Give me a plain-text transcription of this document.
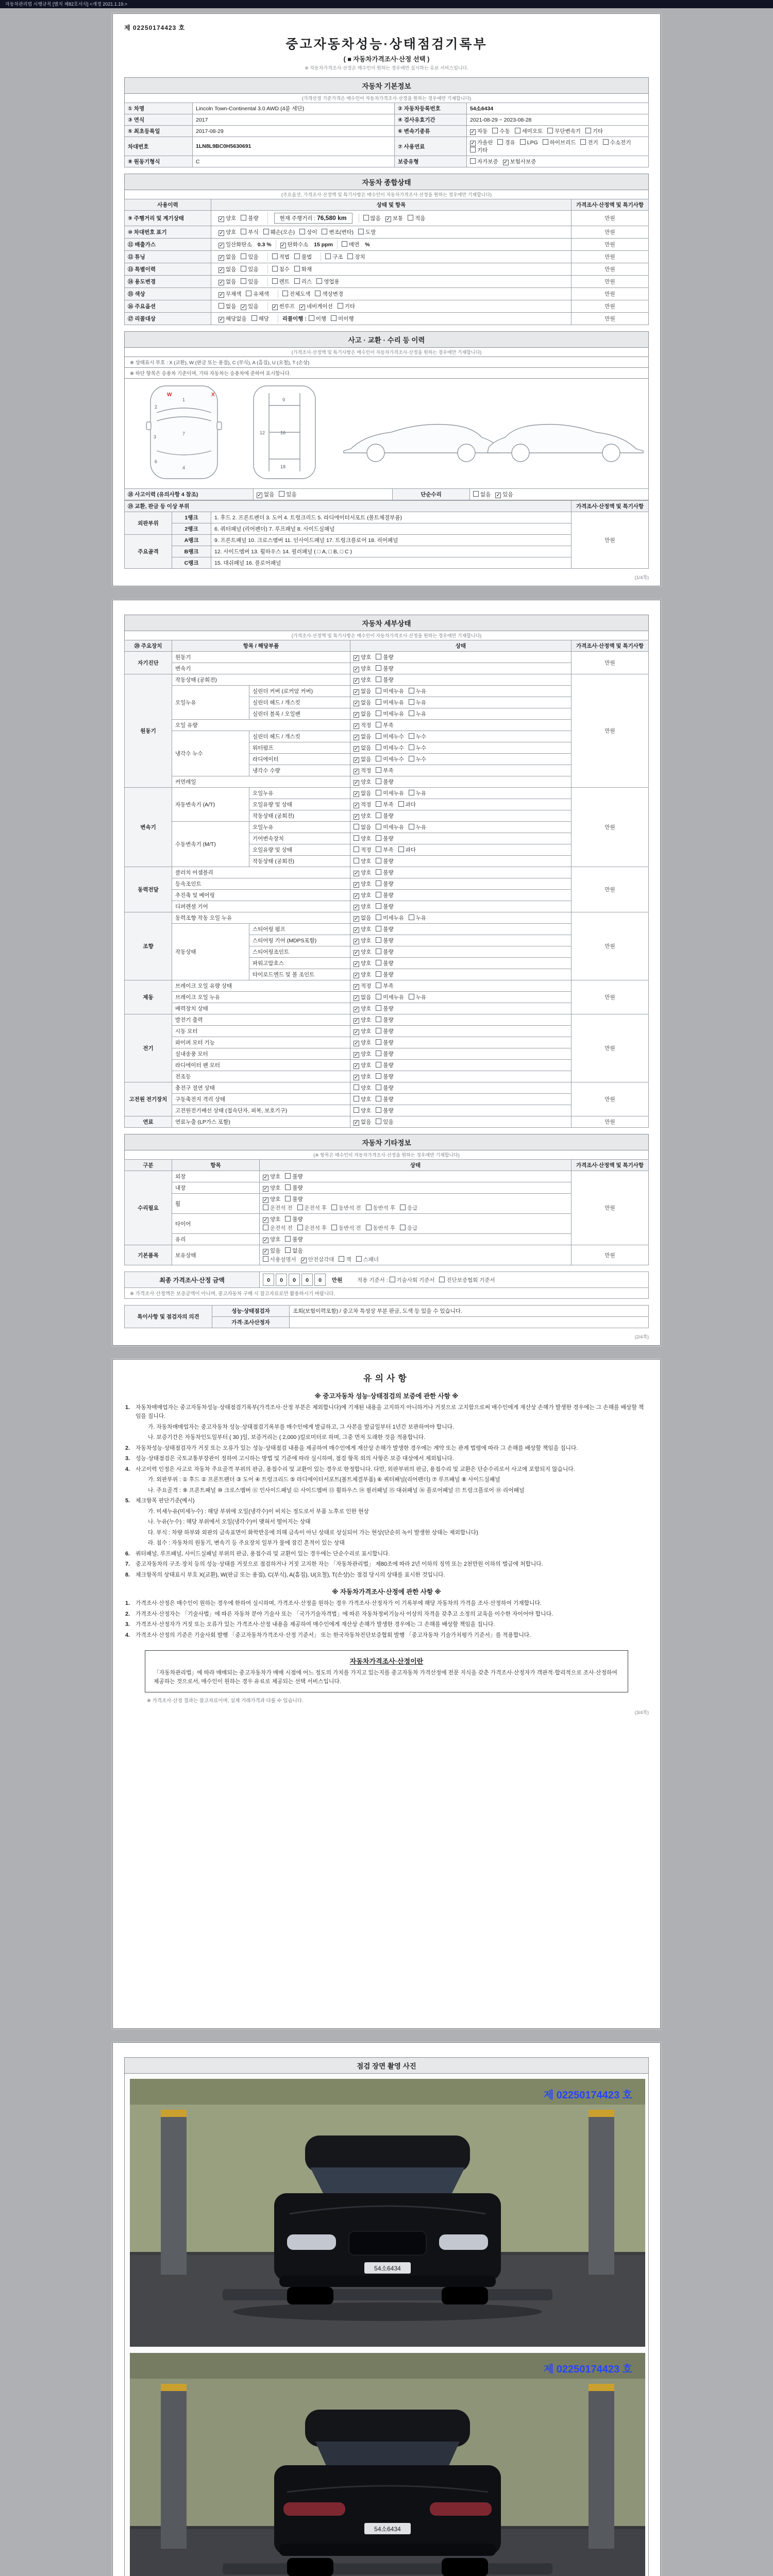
자동차관리법 시행규칙 [별지 제82호서식] <개정 2021.1.19.>
제 02250174423 호
중고자동차성능·상태점검기록부
( ■ 자동차가격조사·산정 선택 )
※ 자동차가격조사·산정은 매수인이 원하는 경우에만 실시하는 유료 서비스입니다.
자동차 기본정보
(가격산정 기준가격은 매수인이 자동차가격조사·산정을 원하는 경우에만 기재합니다)
① 차명	Lincoln Town-Continental 3.0 AWD (4륜 세단)	② 자동차등록번호	54소6434
③ 연식	2017	④ 검사유효기간	2021-08-29 ~ 2023-08-28
⑤ 최초등록일	2017-08-29	⑥ 변속기종류	✓ 자동 수동 세미오토 무단변속기 기타
차대번호	1LN8L9BC0H5630691	⑦ 사용연료	✓ 가솔린 경유 LPG 하이브리드 전기 수소전기기타
⑧ 원동기형식	C	보증유형	자가보증 ✓ 보험사보증
자동차 종합상태
(주요옵션, 가격조사·산정액 및 특기사항은 매수인이 자동차가격조사·산정을 원하는 경우에만 기재합니다)
사용이력	상태 및 항목	가격조사·산정액 및 특기사항
⑨ 주행거리 및 계기상태	✓ 양호 불량 현재 주행거리 : 76,580 km 많음 ✓ 보통 적음	만원
⑩ 차대번호 표기	✓ 양호 부식 훼손(오손) 상이 변조(변타) 도말	만원
⑪ 배출가스	✓ 일산화탄소 0.3 % ✓ 탄화수소 15 ppm 매연 %	만원
⑫ 튜닝	✓ 없음 있음 적법 불법 구조 장치	만원
⑬ 특별이력	✓ 없음 있음 침수 화재	만원
⑭ 용도변경	✓ 없음 있음 렌트 리스 영업용	만원
⑮ 색상	✓ 무채색 유채색 전체도색 색상변경	만원
⑯ 주요옵션	없음 ✓ 있음 ✓ 썬루프 ✓ 네비게이션 기타	만원
⑰ 리콜대상	✓ 해당없음 해당 리콜이행 : 이행 미이행	만원
사고 · 교환 · 수리 등 이력
(가격조사·산정액 및 특기사항은 매수인이 자동차가격조사·산정을 원하는 경우에만 기재합니다)
※ 상태표시 부호 : X (교환), W (판금 또는 용접), C (부식), A (흠집), U (요철), T (손상)
※ 하단 항목은 승용차 기준이며, 기타 자동차는 승용차에 준하여 표시합니다.
1
7
4
2
3
6
9
16
18
12
W	X
⑱ 사고이력 (유의사항 4 참조)	✓ 없음 있음	단순수리	없음 ✓ 있음
⑲ 교환, 판금 등 이상 부위			가격조사·산정액 및 특기사항
외판부위	1랭크	1. 후드 2. 프론트펜더 3. 도어 4. 트렁크리드 5. 라디에이터서포트 (볼트체결부품)	만원
	2랭크	6. 쿼터패널 (리어펜더) 7. 루프패널 8. 사이드실패널	
주요골격	A랭크	9. 프론트패널 10. 크로스멤버 11. 인사이드패널 17. 트렁크플로어 18. 리어패널	
	B랭크	12. 사이드멤버 13. 휠하우스 14. 필러패널 ( □ A, □ B, □ C )	
	C랭크	15. 대쉬패널 16. 플로어패널	
(1/4쪽)
자동차 세부상태
(가격조사·산정액 및 특기사항은 매수인이 자동차가격조사·산정을 원하는 경우에만 기재합니다)
⑳ 주요장치	항목 / 해당부품		상태	가격조사·산정액 및 특기사항
자기진단	원동기		✓ 양호 불량	만원
	변속기		✓ 양호 불량	
원동기	작동상태 (공회전)		✓ 양호 불량	만원
	오일누유	실린더 커버 (로커암 커버)	✓ 없음 미세누유 누유	
		실린더 헤드 / 개스킷	✓ 없음 미세누유 누유	
		실린더 블록 / 오일팬	✓ 없음 미세누유 누유	
	오일 유량		✓ 적정 부족	
	냉각수 누수	실린더 헤드 / 개스킷	✓ 없음 미세누수 누수	
		워터펌프	✓ 없음 미세누수 누수	
		라디에이터	✓ 없음 미세누수 누수	
		냉각수 수량	✓ 적정 부족	
	커먼레일		✓ 양호 불량	
변속기	자동변속기 (A/T)	오일누유	✓ 없음 미세누유 누유	만원
		오일유량 및 상태	✓ 적정 부족 과다	
		작동상태 (공회전)	✓ 양호 불량	
	수동변속기 (M/T)	오일누유	없음 미세누유 누유	
		기어변속장치	양호 불량	
		오일유량 및 상태	적정 부족 과다	
		작동상태 (공회전)	양호 불량	
동력전달	클러치 어셈블리		✓ 양호 불량	만원
	등속조인트		✓ 양호 불량	
	추진축 및 베어링		✓ 양호 불량	
	디퍼렌셜 기어		✓ 양호 불량	
조향	동력조향 작동 오일 누유		✓ 없음 미세누유 누유	만원
	작동상태	스티어링 펌프	✓ 양호 불량	
		스티어링 기어 (MDPS포함)	✓ 양호 불량	
		스티어링조인트	✓ 양호 불량	
		파워고압호스	✓ 양호 불량	
		타이로드엔드 및 볼 조인트	✓ 양호 불량	
제동	브레이크 오일 유량 상태		✓ 적정 부족	만원
	브레이크 오일 누유		✓ 없음 미세누유 누유	
	배력장치 상태		✓ 양호 불량	
전기	발전기 출력		✓ 양호 불량	만원
	시동 모터		✓ 양호 불량	
	와이퍼 모터 기능		✓ 양호 불량	
	실내송풍 모터		✓ 양호 불량	
	라디에이터 팬 모터		✓ 양호 불량	
	전조등		✓ 양호 불량	
고전원 전기장치	충전구 절연 상태		양호 불량	만원
	구동축전지 격리 상태		양호 불량	
	고전원전기배선 상태 (접속단자, 피복, 보호기구)		양호 불량	
연료	연료누출 (LP가스 포함)		✓ 없음 있음	만원
자동차 기타정보
(※ 항목은 매수인이 자동차가격조사·산정을 원하는 경우에만 기재합니다)
구분	항목	상태	가격조사·산정액 및 특기사항
수리필요	외장	✓ 양호 불량	만원
	내장	✓ 양호 불량	
	휠	✓ 양호 불량
운전석 전 운전석 후 동반석 전 동반석 후 응급	

	타이어	✓ 양호 불량
운전석 전 운전석 후 동반석 전 동반석 후 응급	

	유리	✓ 양호 불량	
기본품목	보유상태	✓ 있음 없음
사용설명서 ✓ 안전삼각대 잭 스패너	만원
최종 가격조사·산정 금액	0 0 0 0 0 만원	적용 기준서 : 기술사회 기준서 진단보증협회 기준서
※ 가격조사·산정액은 보증금액이 아니며, 중고자동차 구매 시 참고자료로만 활용하시기 바랍니다.
특이사항 및 점검자의 의견	성능·상태점검자	조회(보험이력포함) / 중고차 특성상 부분 판금, 도색 등 있을 수 있습니다.
	가격·조사산정자	
(2/4쪽)
유의사항
※ 중고자동차 성능·상태점검의 보증에 관한 사항 ※
1.	자동차매매업자는 중고자동차성능·상태점검기록부(가격조사·산정 부분은 제외합니다)에 기재된 내용을 고지하지 아니하거나 거짓으로 고지함으로써 매수인에게 재산상 손해가 발생한 경우에는 그 손해를 배상할 책임을 집니다.
가. 자동차매매업자는 중고자동차 성능·상태점검기록부를 매수인에게 발급하고, 그 사본을 발급일부터 1년간 보관하여야 합니다.
나. 보증기간은 자동차인도일부터 ( 30 )일, 보증거리는 ( 2,000 )킬로미터로 하며, 그중 먼저 도래한 것을 적용합니다.
2.	자동차성능·상태점검자가 거짓 또는 오류가 있는 성능·상태점검 내용을 제공하여 매수인에게 재산상 손해가 발생한 경우에는 계약 또는 관계 법령에 따라 그 손해를 배상할 책임을 집니다.
3.	성능·상태점검은 국토교통부장관이 정하여 고시하는 방법 및 기준에 따라 실시하며, 점검 항목 외의 사항은 보증 대상에서 제외됩니다.
4.	사고이력 인정은 사고로 자동차 주요골격 부위의 판금, 용접수리 및 교환이 있는 경우로 한정합니다. 다만, 외판부위의 판금, 용접수리 및 교환은 단순수리로서 사고에 포함되지 않습니다.
가. 외판부위 : ① 후드 ② 프론트펜더 ③ 도어 ④ 트렁크리드 ⑤ 라디에이터서포트(볼트체결부품) ⑥ 쿼터패널(리어펜더) ⑦ 루프패널 ⑧ 사이드실패널
나. 주요골격 : ⑨ 프론트패널 ⑩ 크로스멤버 ⑪ 인사이드패널 ⑫ 사이드멤버 ⑬ 휠하우스 ⑭ 필러패널 ⑮ 대쉬패널 ⑯ 플로어패널 ⑰ 트렁크플로어 ⑱ 리어패널
5.	체크항목 판단기준(예시)
가. 미세누유(미세누수) : 해당 부위에 오일(냉각수)이 비치는 정도로서 부품 노후로 인한 현상
나. 누유(누수) : 해당 부위에서 오일(냉각수)이 맺혀서 떨어지는 상태
다. 부식 : 차량 하부와 외판의 금속표면이 화학반응에 의해 금속이 아닌 상태로 상실되어 가는 현상(단순히 녹이 발생한 상태는 제외합니다)
라. 침수 : 자동차의 원동기, 변속기 등 주요장치 일부가 물에 잠긴 흔적이 있는 상태
6.	쿼터패널, 루프패널, 사이드실패널 부위의 판금, 용접수리 및 교환이 있는 경우에는 단순수리로 표시합니다.
7.	중고자동차의 구조·장치 등의 성능·상태를 거짓으로 점검하거나 거짓 고지한 자는 「자동차관리법」 제80조에 따라 2년 이하의 징역 또는 2천만원 이하의 벌금에 처합니다.
8.	체크항목의 상태표시 부호 X(교환), W(판금 또는 용접), C(부식), A(흠집), U(요철), T(손상)는 점검 당시의 상태를 표시한 것입니다.
※ 자동차가격조사·산정에 관한 사항 ※
1.	가격조사·산정은 매수인이 원하는 경우에 한하여 실시하며, 가격조사·산정을 원하는 경우 가격조사·산정자가 이 기록부에 해당 자동차의 가격을 조사·산정하여 기재합니다.
2.	가격조사·산정자는 「기술사법」에 따른 자동차 분야 기술사 또는 「국가기술자격법」에 따른 자동차정비기능사 이상의 자격을 갖추고 소정의 교육을 이수한 자이어야 합니다.
3.	가격조사·산정자가 거짓 또는 오류가 있는 가격조사·산정 내용을 제공하여 매수인에게 재산상 손해가 발생한 경우에는 그 손해를 배상할 책임을 집니다.
4.	가격조사·산정의 기준은 기술사회 발행 「중고자동차가격조사·산정 기준서」 또는 한국자동차진단보증협회 발행 「중고자동차 기술가치평가 기준서」를 적용합니다.
자동차가격조사·산정이란
「자동차관리법」에 따라 매매되는 중고자동차가 매매 시점에 어느 정도의 가치를 가지고 있는지를 중고자동차 가격산정에 전문 지식을 갖춘 가격조사·산정자가 객관적·합리적으로 조사·산정하여 제공하는 것으로서, 매수인이 원하는 경우 유료로 제공되는 선택 서비스입니다.
※ 가격조사·산정 결과는 참고자료이며, 실제 거래가격과 다를 수 있습니다.
(3/4쪽)
점검 장면 촬영 사진
54소6434
제 02250174423 호
54소6434
제 02250174423 호
